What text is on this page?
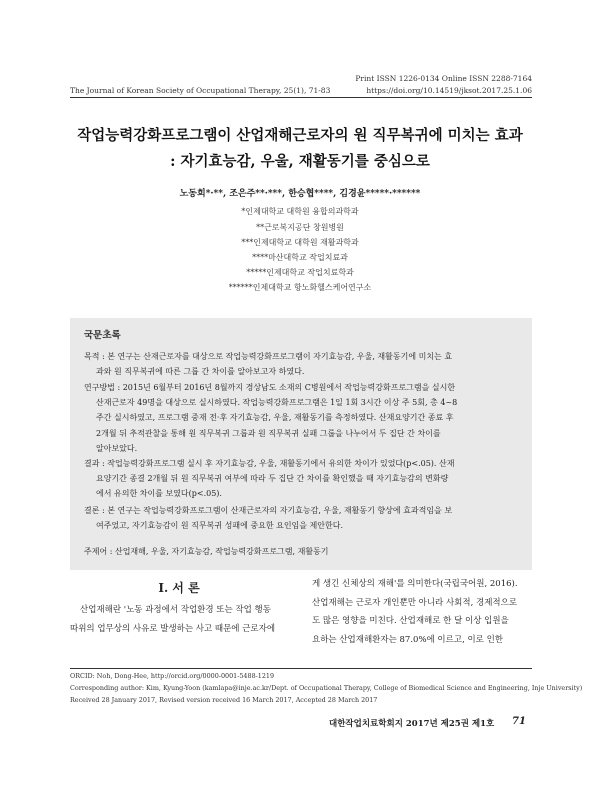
Print ISSN 1226-0134 Online ISSN 2288-7164
The Journal of Korean Society of Occupational Therapy, 25(1), 71-83	https://doi.org/10.14519/jksot.2017.25.1.06
작업능력강화프로그램이 산업재해근로자의 원 직무복귀에 미치는 효과
: 자기효능감, 우울, 재활동기를 중심으로
노동희*·**, 조은주**·***, 한승협****, 김경윤*****·******
*인제대학교 대학원 융합의과학과
**근로복지공단 창원병원
***인제대학교 대학원 재활과학과
****마산대학교 작업치료과
*****인제대학교 작업치료학과
******인제대학교 항노화헬스케어연구소
국문초록
목적 : 본 연구는 산재근로자를 대상으로 작업능력강화프로그램이 자기효능감, 우울, 재활동기에 미치는 효
과와 원 직무복귀에 따른 그룹 간 차이를 알아보고자 하였다.
연구방법 : 2015년 6월부터 2016년 8월까지 경상남도 소재의 C병원에서 작업능력강화프로그램을 실시한
산재근로자 49명을 대상으로 실시하였다. 작업능력강화프로그램은 1일 1회 3시간 이상 주 5회, 총 4~8
주간 실시하였고, 프로그램 중재 전·후 자기효능감, 우울, 재활동기를 측정하였다. 산재요양기간 종료 후
2개월 뒤 추적관찰을 통해 원 직무복귀 그룹과 원 직무복귀 실패 그룹을 나누어서 두 집단 간 차이를
알아보았다.
결과 : 작업능력강화프로그램 실시 후 자기효능감, 우울, 재활동기에서 유의한 차이가 있었다(p<.05). 산재
요양기간 종결 2개월 뒤 원 직무복귀 여부에 따라 두 집단 간 차이를 확인했을 때 자기효능감의 변화량
에서 유의한 차이를 보였다(p<.05).
결론 : 본 연구는 작업능력강화프로그램이 산재근로자의 자기효능감, 우울, 재활동기 향상에 효과적임을 보
여주었고, 자기효능감이 원 직무복귀 성패에 중요한 요인임을 제안한다.
주제어 : 산업재해, 우울, 자기효능감, 작업능력강화프로그램, 재활동기
Ⅰ. 서 론
산업재해란 '노동 과정에서 작업환경 또는 작업 행동
따위의 업무상의 사유로 발생하는 사고 때문에 근로자에
게 생긴 신체상의 재해'를 의미한다(국립국어원, 2016).
산업재해는 근로자 개인뿐만 아니라 사회적, 경제적으로
도 많은 영향을 미친다. 산업재해로 한 달 이상 입원을
요하는 산업재해환자는 87.0%에 이르고, 이로 인한
ORCID: Noh, Dong-Hee, http://orcid.org/0000-0001-5488-1219
Corresponding author: Kim, Kyung-Yoon (kamlapa@inje.ac.kr/Dept. of Occupational Therapy, College of Biomedical Science and Engineering, Inje University)
Received 28 January 2017, Revised version received 16 March 2017, Accepted 28 March 2017
대한작업치료학회지 2017년 제25권 제1호 71
